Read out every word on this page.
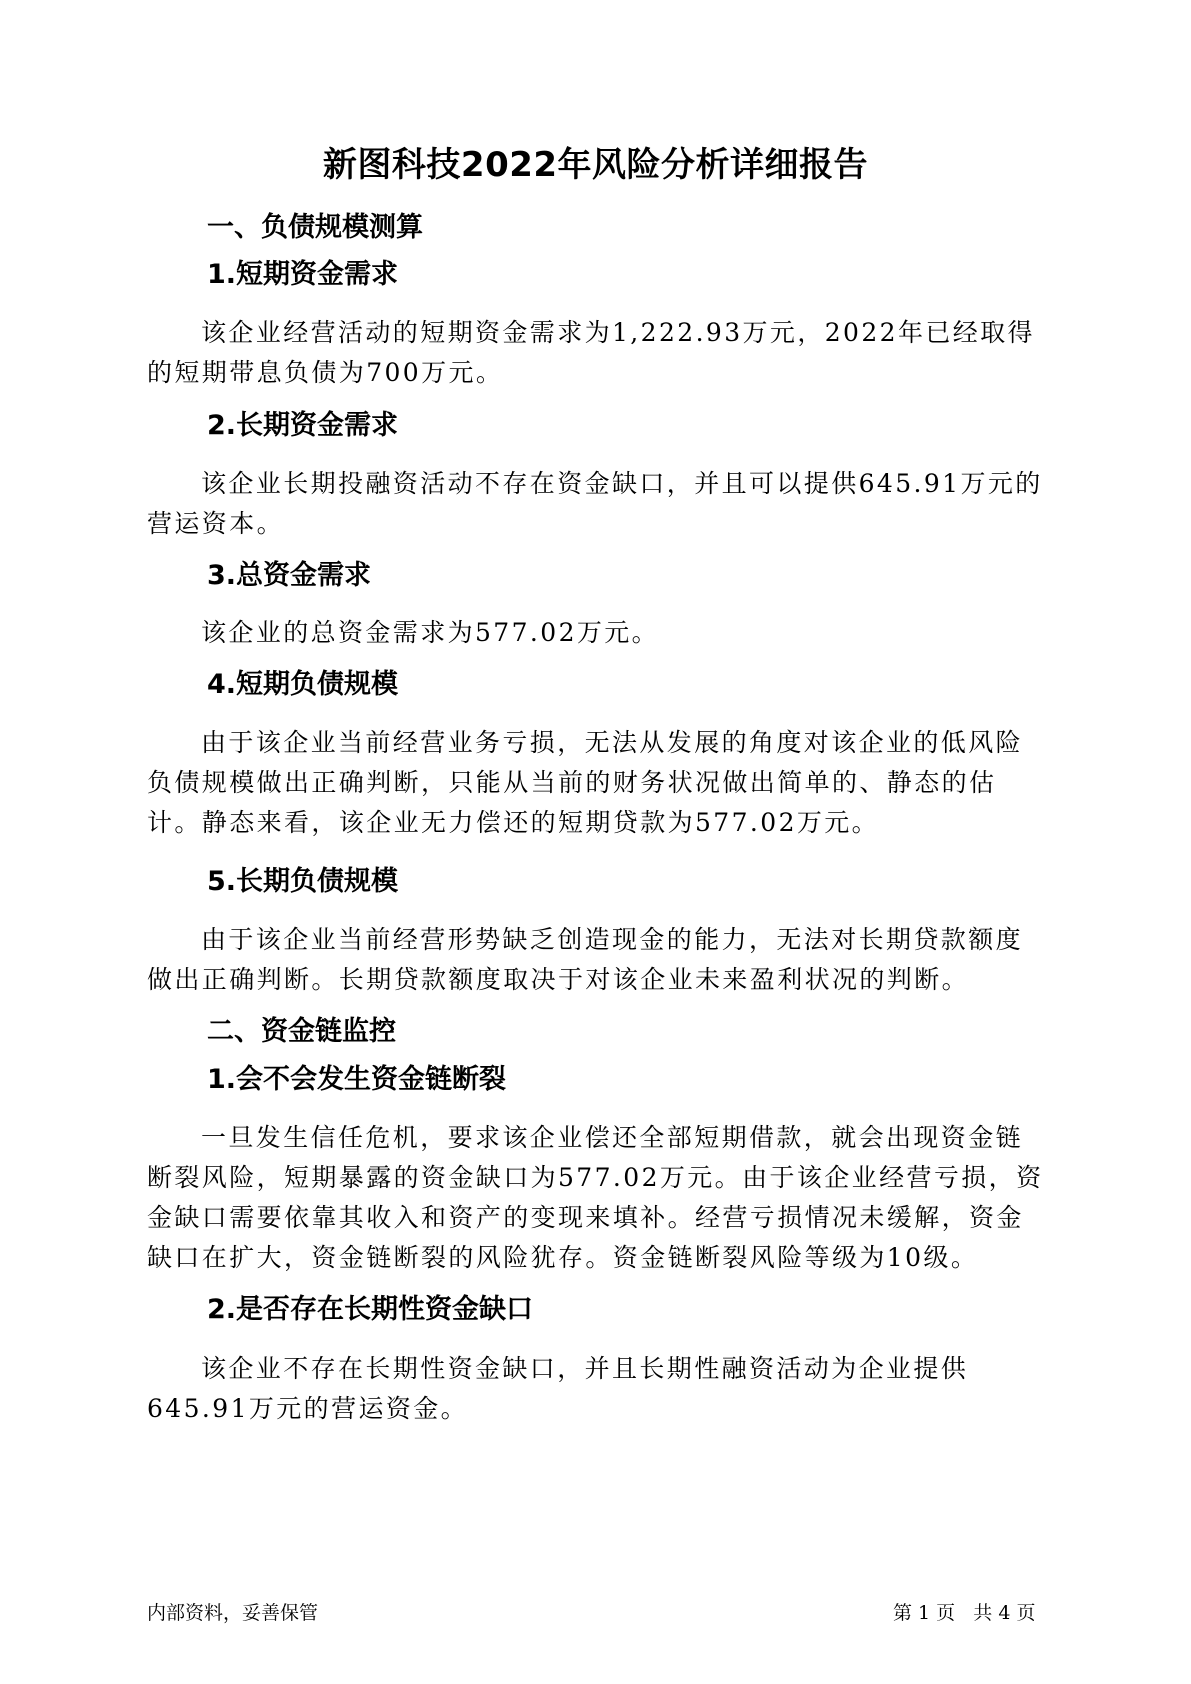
新图科技2022年风险分析详细报告
一、负债规模测算
1.短期资金需求

该企业经营活动的短期资金需求为1,222.93万元，2022年已经取得的短期带息负债为700万元。

2.长期资金需求

该企业长期投融资活动不存在资金缺口，并且可以提供645.91万元的营运资本。

3.总资金需求

该企业的总资金需求为577.02万元。

4.短期负债规模

由于该企业当前经营业务亏损，无法从发展的角度对该企业的低风险负债规模做出正确判断，只能从当前的财务状况做出简单的、静态的估计。静态来看，该企业无力偿还的短期贷款为577.02万元。

5.长期负债规模

由于该企业当前经营形势缺乏创造现金的能力，无法对长期贷款额度做出正确判断。长期贷款额度取决于对该企业未来盈利状况的判断。

二、资金链监控
1.会不会发生资金链断裂

一旦发生信任危机，要求该企业偿还全部短期借款，就会出现资金链断裂风险，短期暴露的资金缺口为577.02万元。由于该企业经营亏损，资金缺口需要依靠其收入和资产的变现来填补。经营亏损情况未缓解，资金缺口在扩大，资金链断裂的风险犹存。资金链断裂风险等级为10级。

2.是否存在长期性资金缺口

该企业不存在长期性资金缺口，并且长期性融资活动为企业提供645.91万元的营运资金。

内部资料，妥善保管	第 1 页   共 4 页
